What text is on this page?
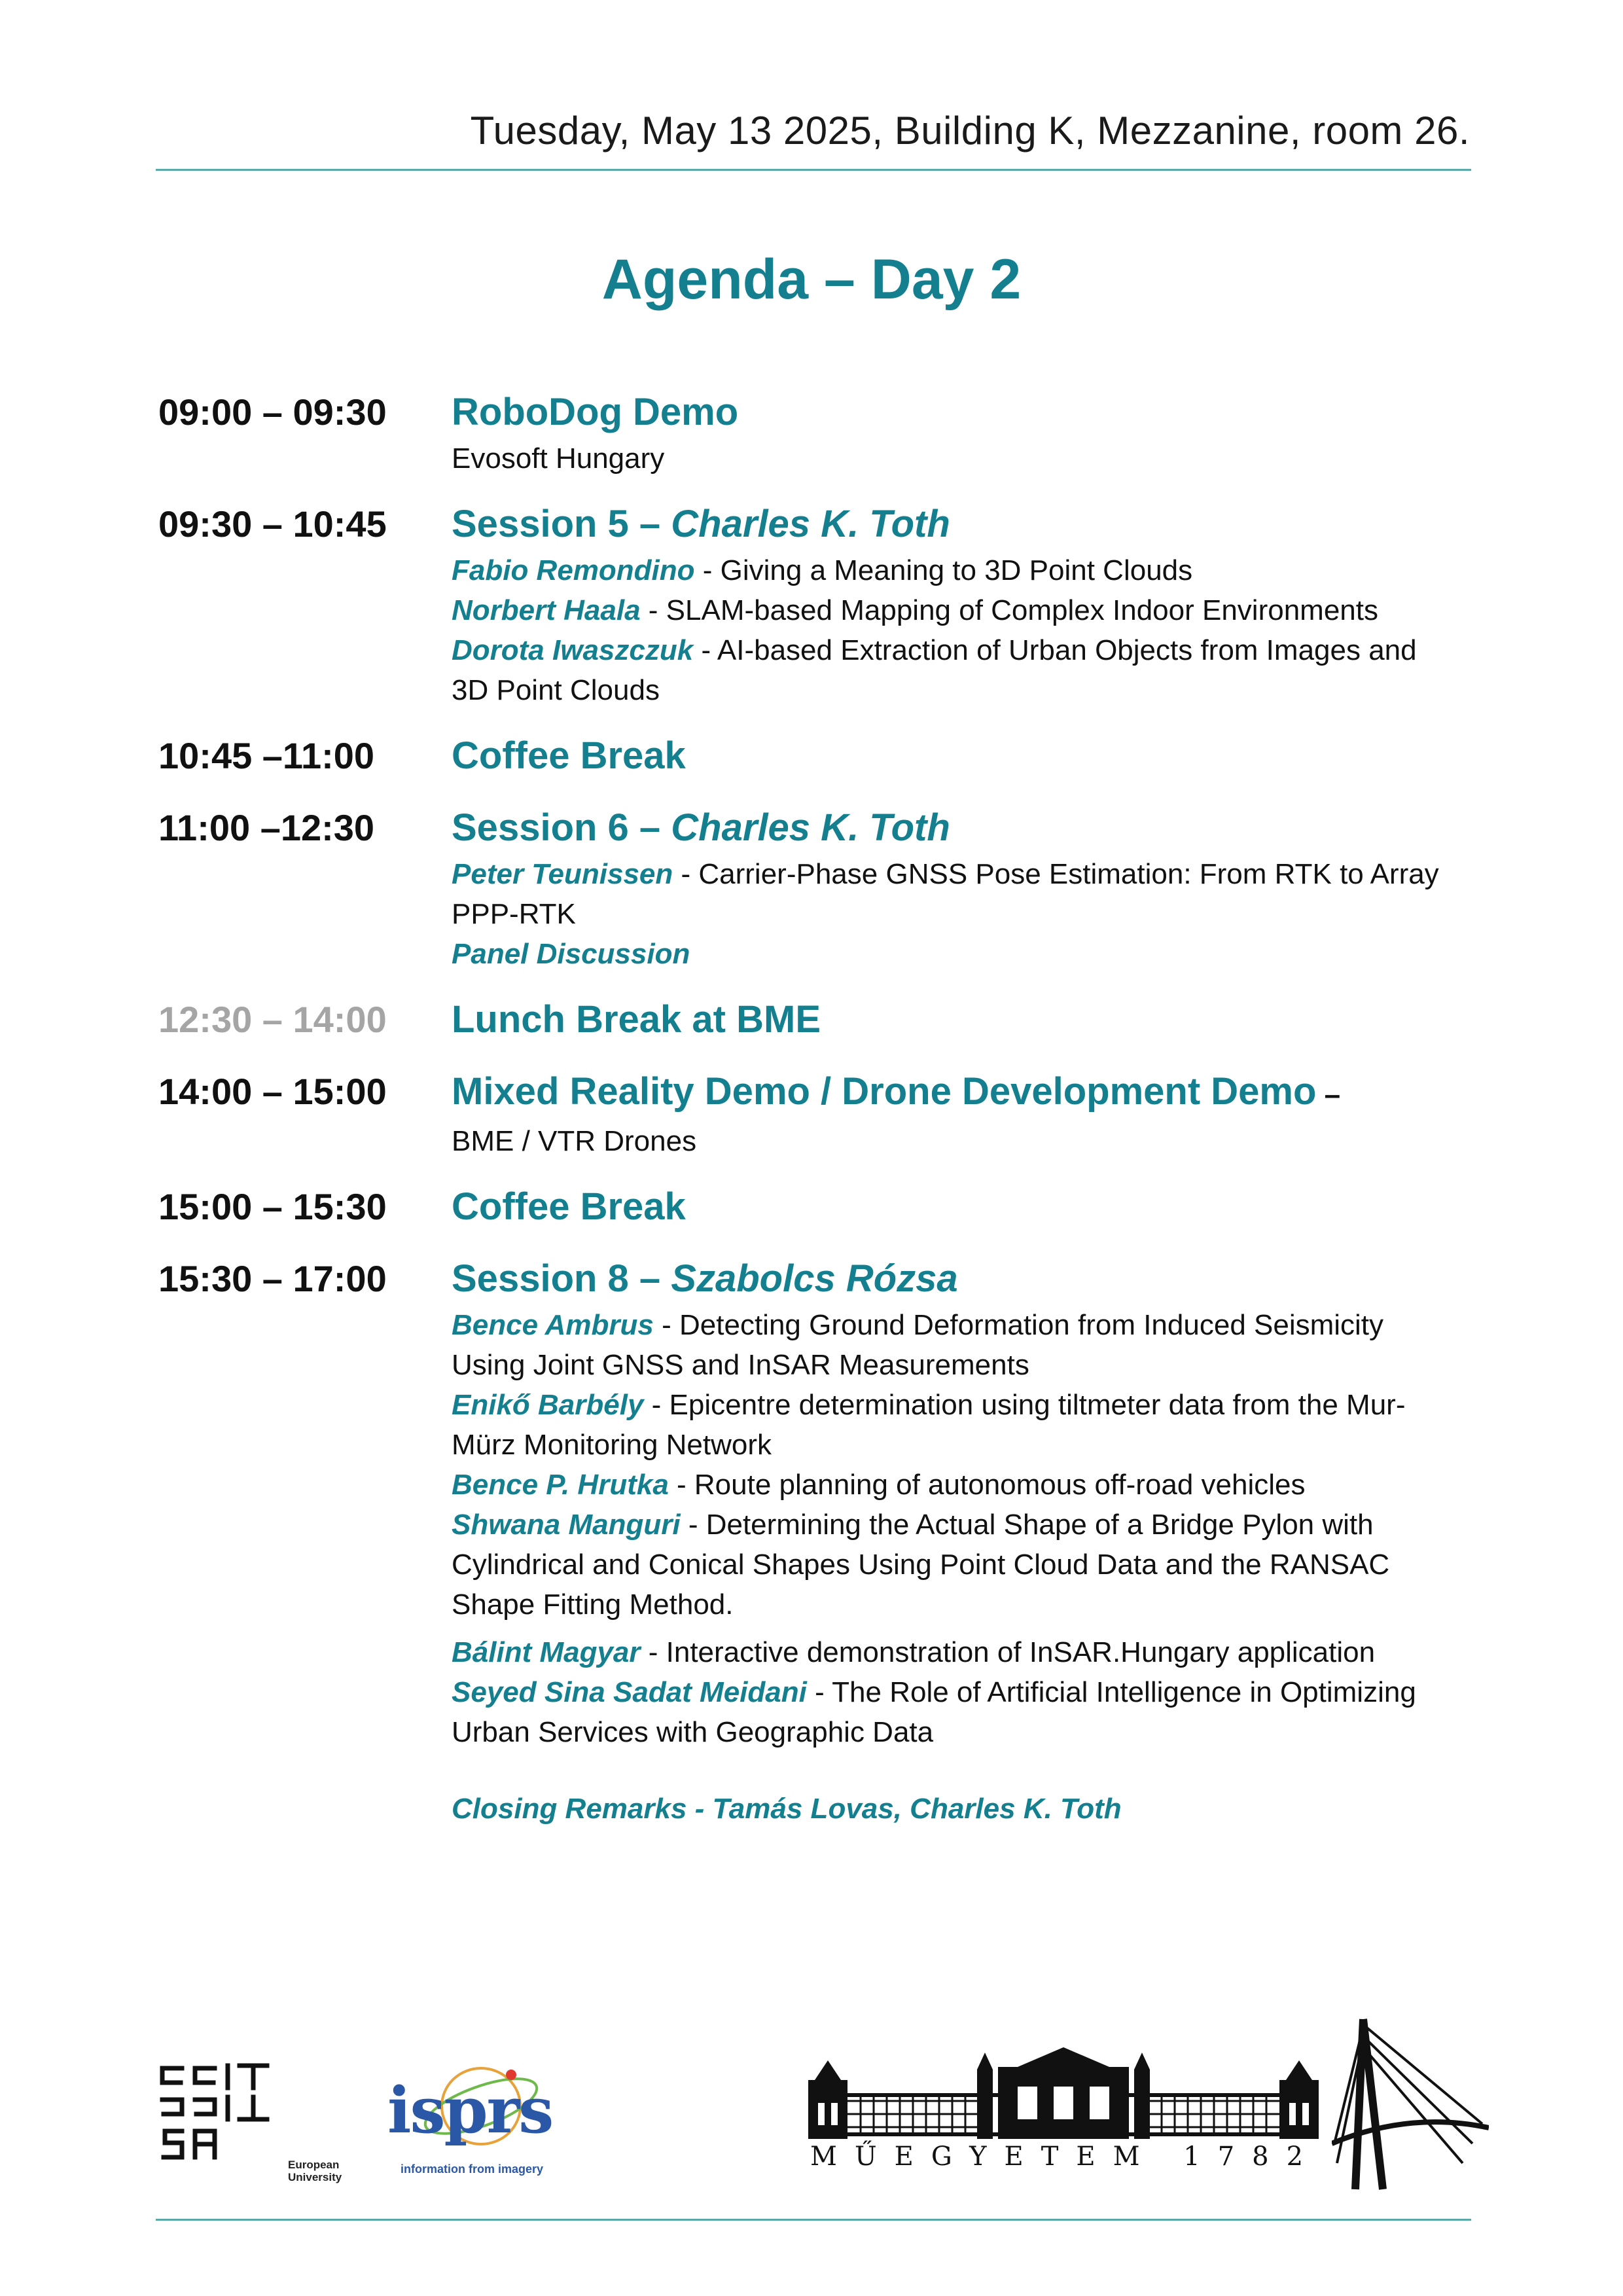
Tuesday, May 13 2025, Building K, Mezzanine, room 26.
Agenda – Day 2
09:00 – 09:30	RoboDog Demo
Evosoft Hungary
09:30 – 10:45	Session 5 – Charles K. Toth
Fabio Remondino - Giving a Meaning to 3D Point Clouds
Norbert Haala - SLAM-based Mapping of Complex Indoor Environments
Dorota Iwaszczuk - AI-based Extraction of Urban Objects from Images and 3D Point Clouds
10:45 –11:00	Coffee Break
11:00 –12:30	Session 6 – Charles K. Toth
Peter Teunissen - Carrier-Phase GNSS Pose Estimation: From RTK to Array PPP-RTK
Panel Discussion
12:30 – 14:00	Lunch Break at BME
14:00 – 15:00	Mixed Reality Demo / Drone Development Demo –
BME / VTR Drones
15:00 – 15:30	Coffee Break
15:30 – 17:00	Session 8 – Szabolcs Rózsa
Bence Ambrus - Detecting Ground Deformation from Induced Seismicity Using Joint GNSS and InSAR Measurements
Enikő Barbély - Epicentre determination using tiltmeter data from the Mur-Mürz Monitoring Network
Bence P. Hrutka - Route planning of autonomous off-road vehicles
Shwana Manguri - Determining the Actual Shape of a Bridge Pylon with Cylindrical and Conical Shapes Using Point Cloud Data and the RANSAC Shape Fitting Method.
Bálint Magyar - Interactive demonstration of InSAR.Hungary application
Seyed Sina Sadat Meidani - The Role of Artificial Intelligence in Optimizing Urban Services with Geographic Data
Closing Remarks - Tamás Lovas, Charles K. Toth
European
University
isprs
information from imagery	MŰEGYETEM 1782
